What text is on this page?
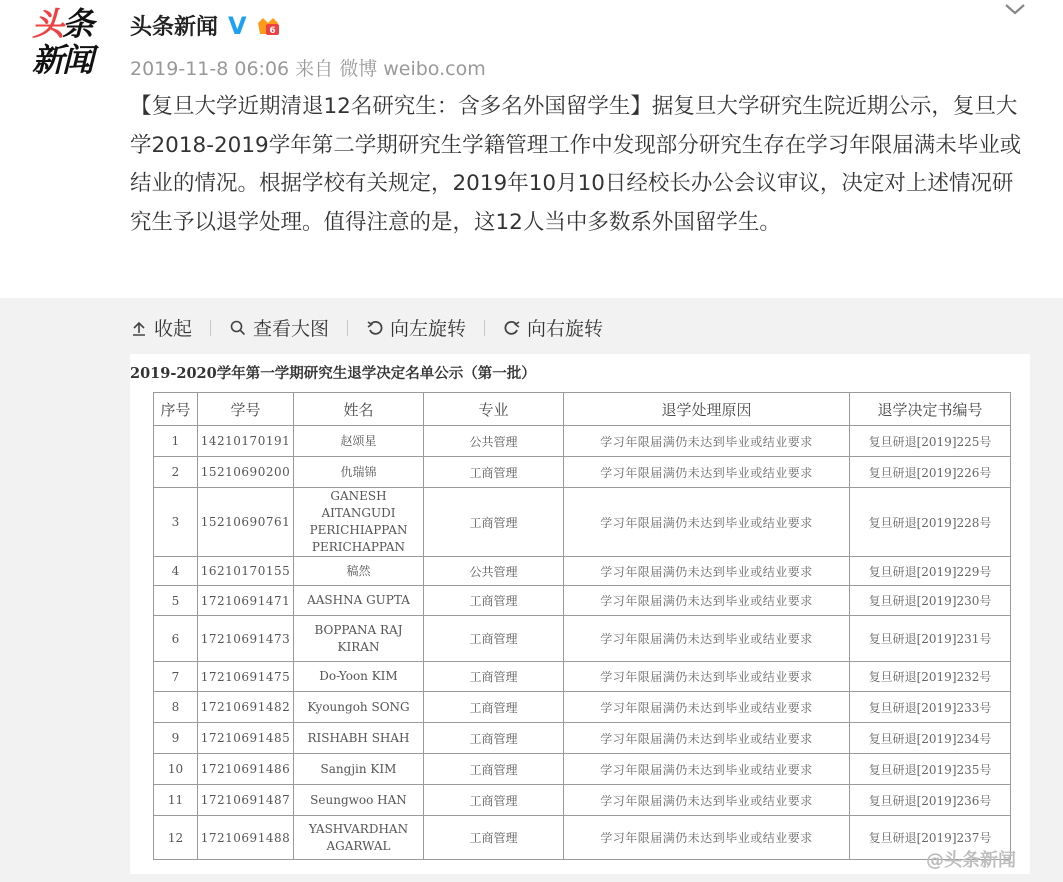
头条
新闻
头条新闻 V 6
2019-11-8 06:06 来自 微博 weibo.com
【复旦大学近期清退12名研究生：含多名外国留学生】据复旦大学研究生院近期公示，复旦大学2018-2019学年第二学期研究生学籍管理工作中发现部分研究生存在学习年限届满未毕业或结业的情况。根据学校有关规定，2019年10月10日经校长办公会议审议，决定对上述情况研究生予以退学处理。值得注意的是，这12人当中多数系外国留学生。
收起	查看大图	向左旋转	向右旋转
2019-2020学年第一学期研究生退学决定名单公示（第一批）
序号	学号	姓名	专业	退学处理原因	退学决定书编号
1	14210170191	赵颂星	公共管理	学习年限届满仍未达到毕业或结业要求	复旦研退[2019]225号
2	15210690200	仇瑞锦	工商管理	学习年限届满仍未达到毕业或结业要求	复旦研退[2019]226号
3	15210690761	GANESH AITANGUDI PERICHIAPPAN PERICHAPPAN	工商管理	学习年限届满仍未达到毕业或结业要求	复旦研退[2019]228号
4	16210170155	稿然	公共管理	学习年限届满仍未达到毕业或结业要求	复旦研退[2019]229号
5	17210691471	AASHNA GUPTA	工商管理	学习年限届满仍未达到毕业或结业要求	复旦研退[2019]230号
6	17210691473	BOPPANA RAJ KIRAN	工商管理	学习年限届满仍未达到毕业或结业要求	复旦研退[2019]231号
7	17210691475	Do-Yoon KIM	工商管理	学习年限届满仍未达到毕业或结业要求	复旦研退[2019]232号
8	17210691482	Kyoungoh SONG	工商管理	学习年限届满仍未达到毕业或结业要求	复旦研退[2019]233号
9	17210691485	RISHABH SHAH	工商管理	学习年限届满仍未达到毕业或结业要求	复旦研退[2019]234号
10	17210691486	Sangjin KIM	工商管理	学习年限届满仍未达到毕业或结业要求	复旦研退[2019]235号
11	17210691487	Seungwoo HAN	工商管理	学习年限届满仍未达到毕业或结业要求	复旦研退[2019]236号
12	17210691488	YASHVARDHAN AGARWAL	工商管理	学习年限届满仍未达到毕业或结业要求	复旦研退[2019]237号
@头条新闻
